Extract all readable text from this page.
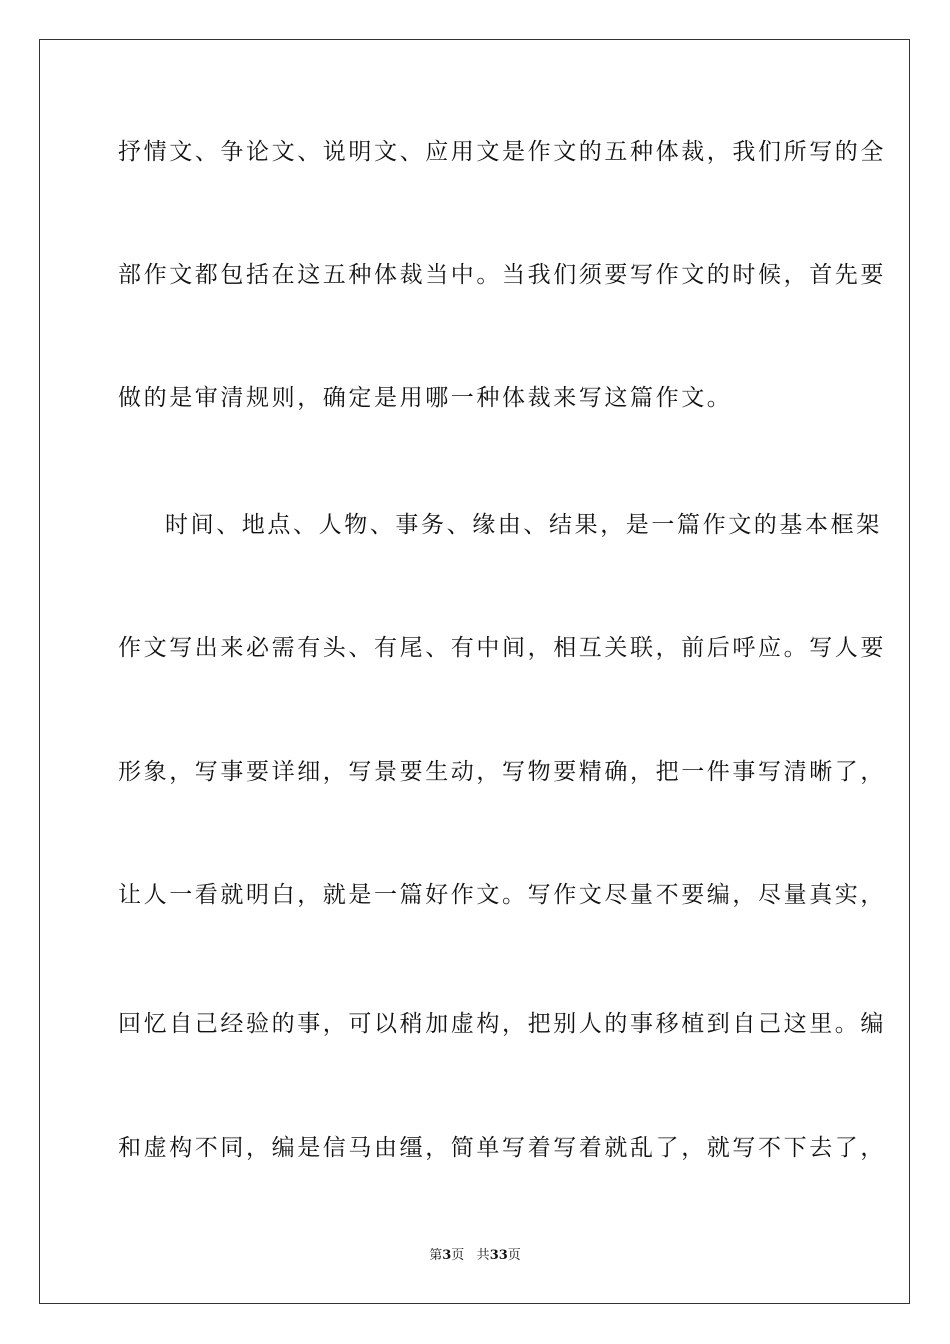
抒情文、争论文、说明文、应用文是作文的五种体裁，我们所写的全
部作文都包括在这五种体裁当中。当我们须要写作文的时候，首先要
做的是审清规则，确定是用哪一种体裁来写这篇作文。
时间、地点、人物、事务、缘由、结果，是一篇作文的基本框架
作文写出来必需有头、有尾、有中间，相互关联，前后呼应。写人要
形象，写事要详细，写景要生动，写物要精确，把一件事写清晰了，
让人一看就明白，就是一篇好作文。写作文尽量不要编，尽量真实，
回忆自己经验的事，可以稍加虚构，把别人的事移植到自己这里。编
和虚构不同，编是信马由缰，简单写着写着就乱了，就写不下去了，
第3页 共33页
